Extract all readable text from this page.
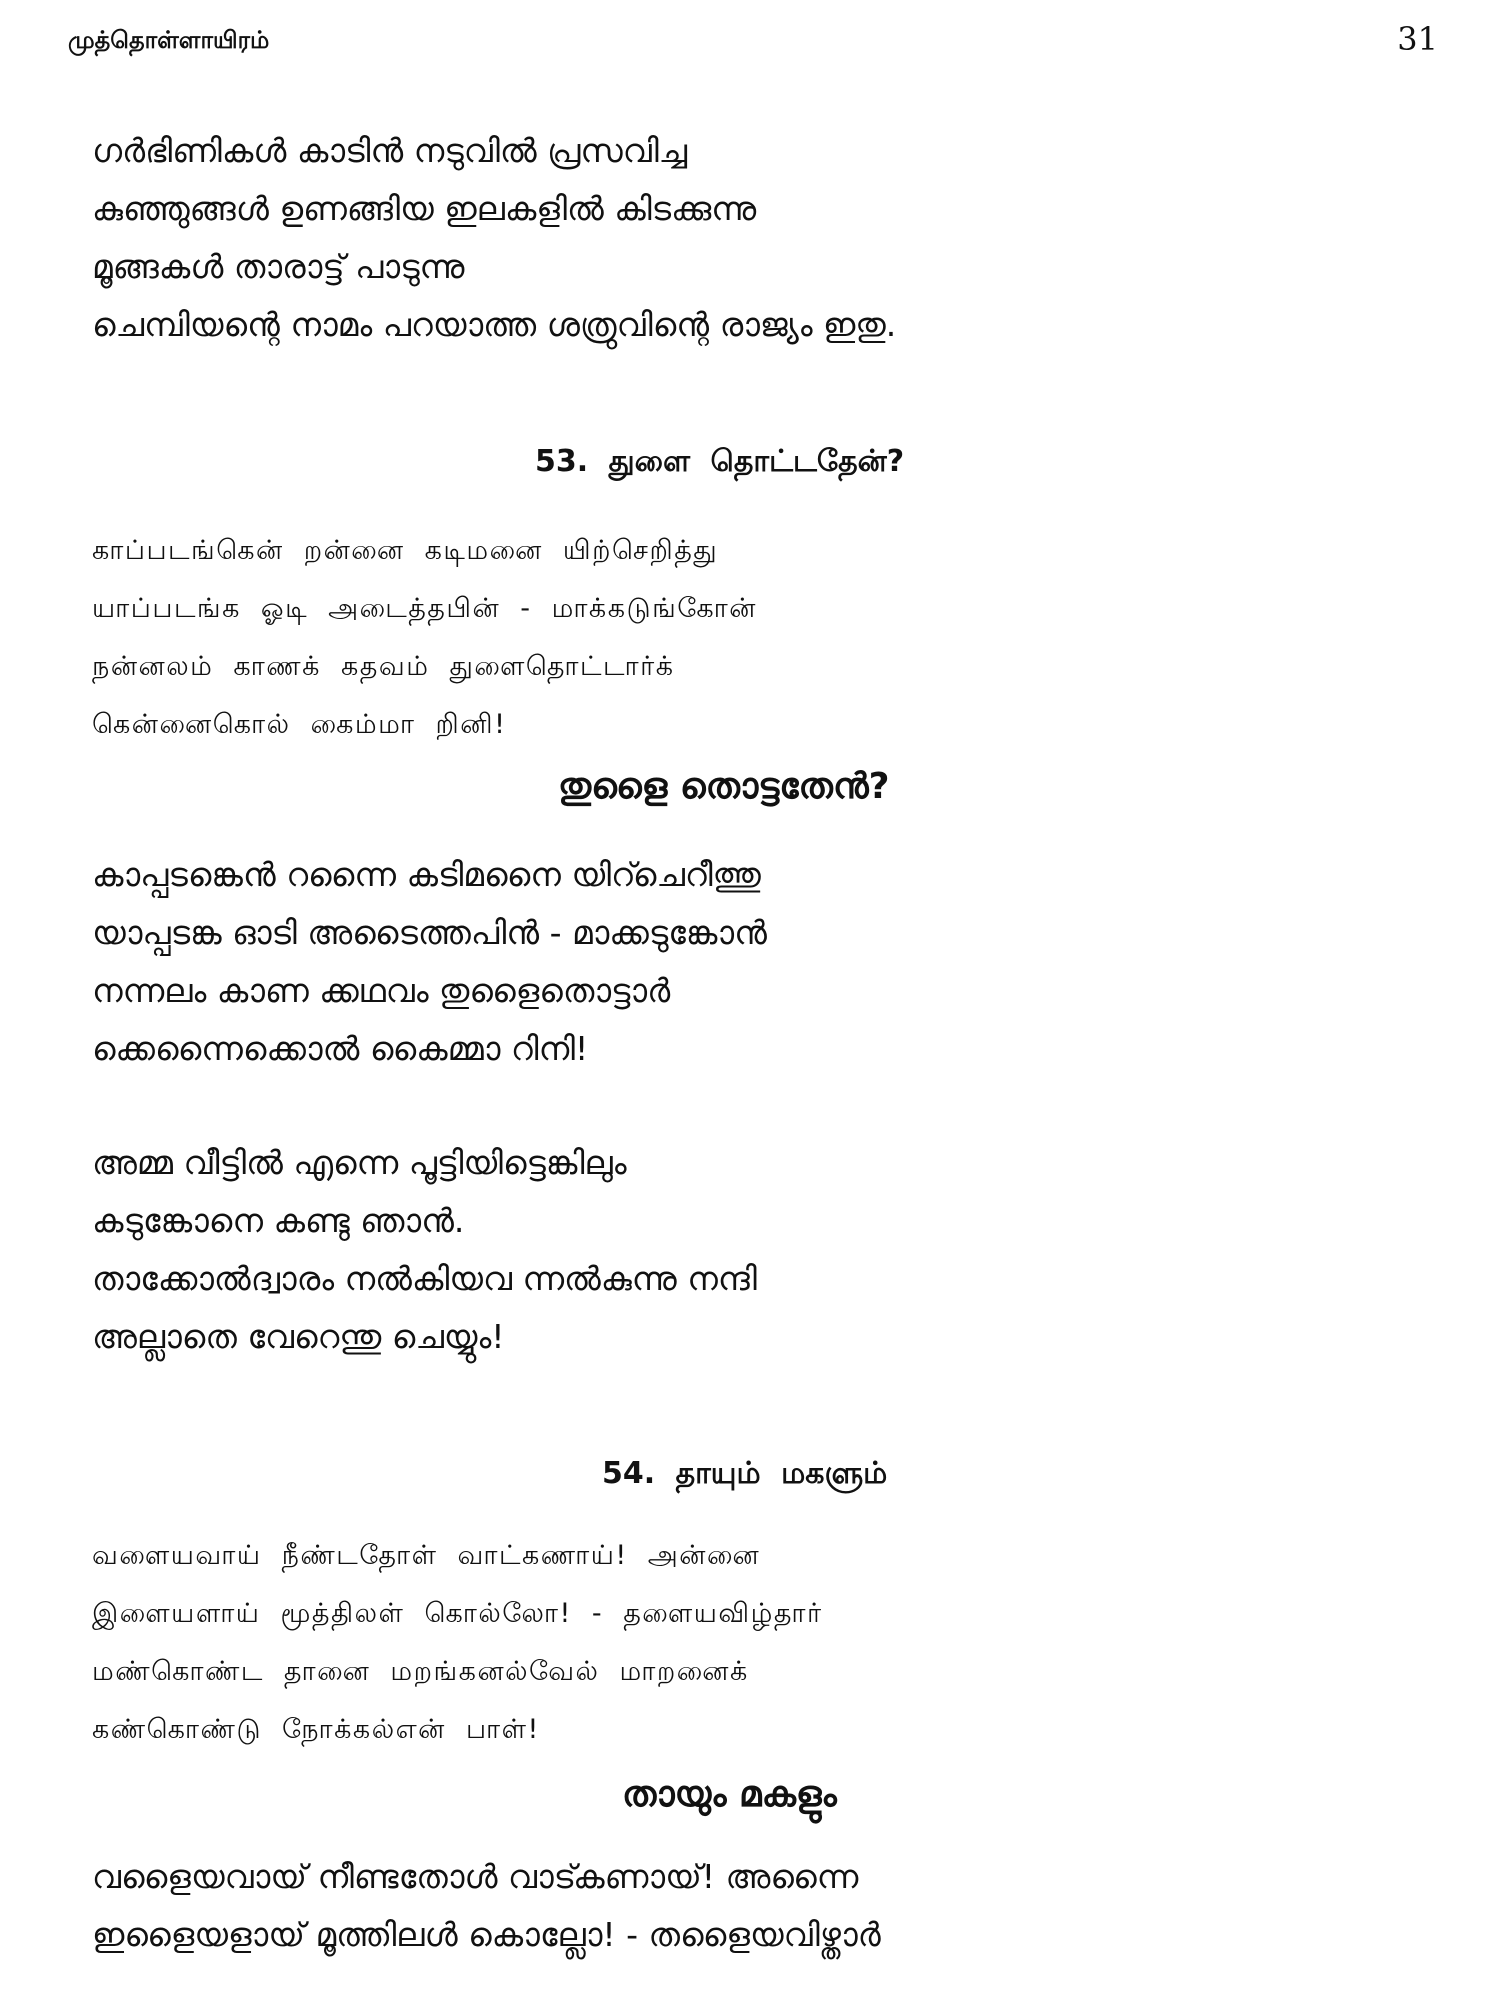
முத்தொள்ளாயிரம்	31
ഗർഭിണികൾ കാടിൻ നടുവിൽ പ്രസവിച്ച
കുഞ്ഞുങ്ങൾ ഉണങ്ങിയ ഇലകളിൽ കിടക്കുന്നു
മൂങ്ങകൾ താരാട്ട് പാടുന്നു
ചെമ്പിയന്റെ നാമം പറയാത്ത ശത്രുവിന്റെ രാജ്യം ഇതു.
53. துளை தொட்டதேன்?
காப்படங்கென் றன்னை கடிமனை யிற்செறித்து
யாப்படங்க ஓடி அடைத்தபின் - மாக்கடுங்கோன்
நன்னலம் காணக் கதவம் துளைதொட்டார்க்
கென்னைகொல் கைம்மா றினி!
തുളൈ തൊട്ടതേൻ?
കാപ്പടങ്കെൻ റന്നൈ കടിമനൈ യിറ്ചെറീത്തു
യാപ്പടങ്ക ഓടി അടൈത്തപിൻ - മാക്കടുങ്കോൻ
നന്നലം കാണ ക്കഥവം തുളൈതൊട്ടാർ
ക്കെന്നൈക്കൊൽ കൈമ്മാ റിനി!
അമ്മ വീട്ടിൽ എന്നെ പൂട്ടിയിട്ടെങ്കിലും
കടുങ്കോനെ കണ്ടു ഞാൻ.
താക്കോൽദ്വാരം നൽകിയവ ന്നൽകുന്നു നന്ദി
അല്ലാതെ വേറെന്തു ചെയ്യും!
54. தாயும் மகளும்
வளையவாய் நீண்டதோள் வாட்கணாய்! அன்னை
இளையளாய் மூத்திலள் கொல்லோ! - தளையவிழ்தார்
மண்கொண்ட தானை மறங்கனல்வேல் மாறனைக்
கண்கொண்டு நோக்கல்என் பாள்!
തായും മകളും
വളൈയവായ് നീണ്ടതോൾ വാട്കണായ്! അന്നൈ
ഇളൈയളായ് മൂത്തിലൾ കൊല്ലോ! - തളൈയവിഴ്താർ
